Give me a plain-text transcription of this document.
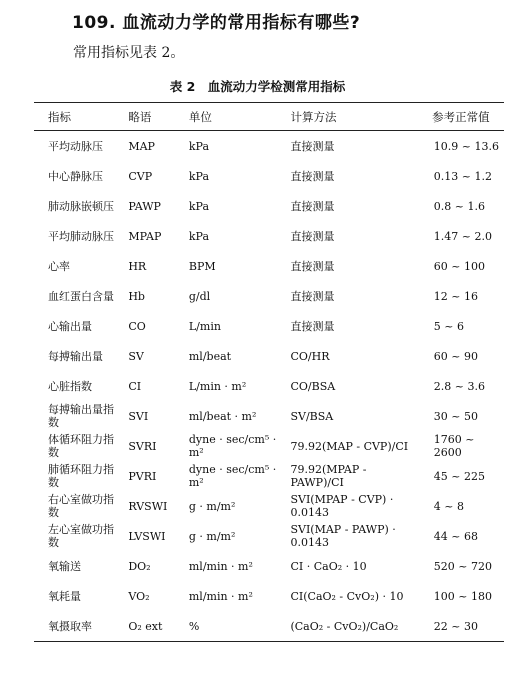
109. 血流动力学的常用指标有哪些?
常用指标见表 2。
表 2　血流动力学检测常用指标
指标	略语	单位	计算方法	参考正常值
平均动脉压	MAP	kPa	直接测量	10.9 ~ 13.6
中心静脉压	CVP	kPa	直接测量	0.13 ~ 1.2
肺动脉嵌顿压	PAWP	kPa	直接测量	0.8 ~ 1.6
平均肺动脉压	MPAP	kPa	直接测量	1.47 ~ 2.0
心率	HR	BPM	直接测量	60 ~ 100
血红蛋白含量	Hb	g/dl	直接测量	12 ~ 16
心输出量	CO	L/min	直接测量	5 ~ 6
每搏输出量	SV	ml/beat	CO/HR	60 ~ 90
心脏指数	CI	L/min · m²	CO/BSA	2.8 ~ 3.6
每搏输出量指数	SVI	ml/beat · m²	SV/BSA	30 ~ 50
体循环阻力指数	SVRI	dyne · sec/cm⁵ · m²	79.92(MAP - CVP)/CI	1760 ~ 2600
肺循环阻力指数	PVRI	dyne · sec/cm⁵ · m²	79.92(MPAP - PAWP)/CI	45 ~ 225
右心室做功指数	RVSWI	g · m/m²	SVI(MPAP - CVP) · 0.0143	4 ~ 8
左心室做功指数	LVSWI	g · m/m²	SVI(MAP - PAWP) · 0.0143	44 ~ 68
氧输送	DO₂	ml/min · m²	CI · CaO₂ · 10	520 ~ 720
氧耗量	VO₂	ml/min · m²	CI(CaO₂ - CvO₂) · 10	100 ~ 180
氧摄取率	O₂ ext	%	(CaO₂ - CvO₂)/CaO₂	22 ~ 30
